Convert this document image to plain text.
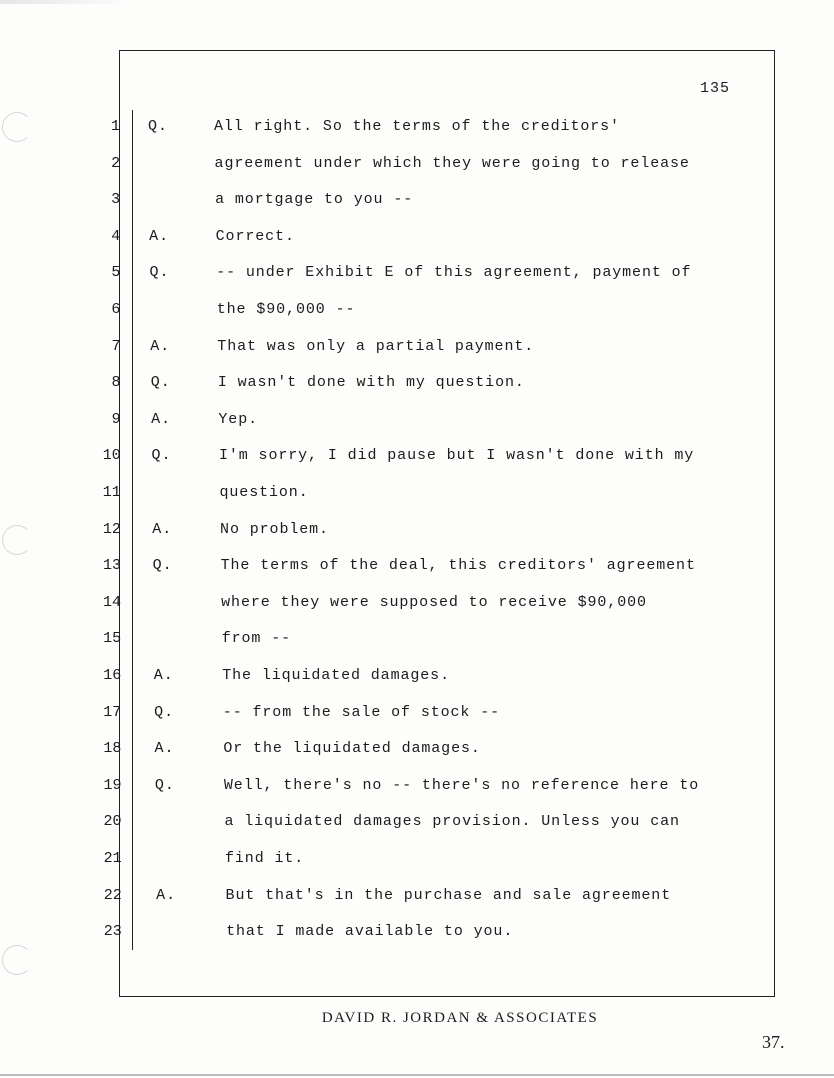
135
1 Q.	All right. So the terms of the creditors'
2	agreement under which they were going to release
3	a mortgage to you --
4 A.	Correct.
5 Q.	-- under Exhibit E of this agreement, payment of
6	the $90,000 --
7 A.	That was only a partial payment.
8 Q.	I wasn't done with my question.
9 A.	Yep.
10 Q.	I'm sorry, I did pause but I wasn't done with my
11	question.
12 A.	No problem.
13 Q.	The terms of the deal, this creditors' agreement
14	where they were supposed to receive $90,000
15	from --
16 A.	The liquidated damages.
17 Q.	-- from the sale of stock --
18 A.	Or the liquidated damages.
19 Q.	Well, there's no -- there's no reference here to
20	a liquidated damages provision. Unless you can
21	find it.
22 A.	But that's in the purchase and sale agreement
23	that I made available to you.
DAVID R. JORDAN & ASSOCIATES
37.
